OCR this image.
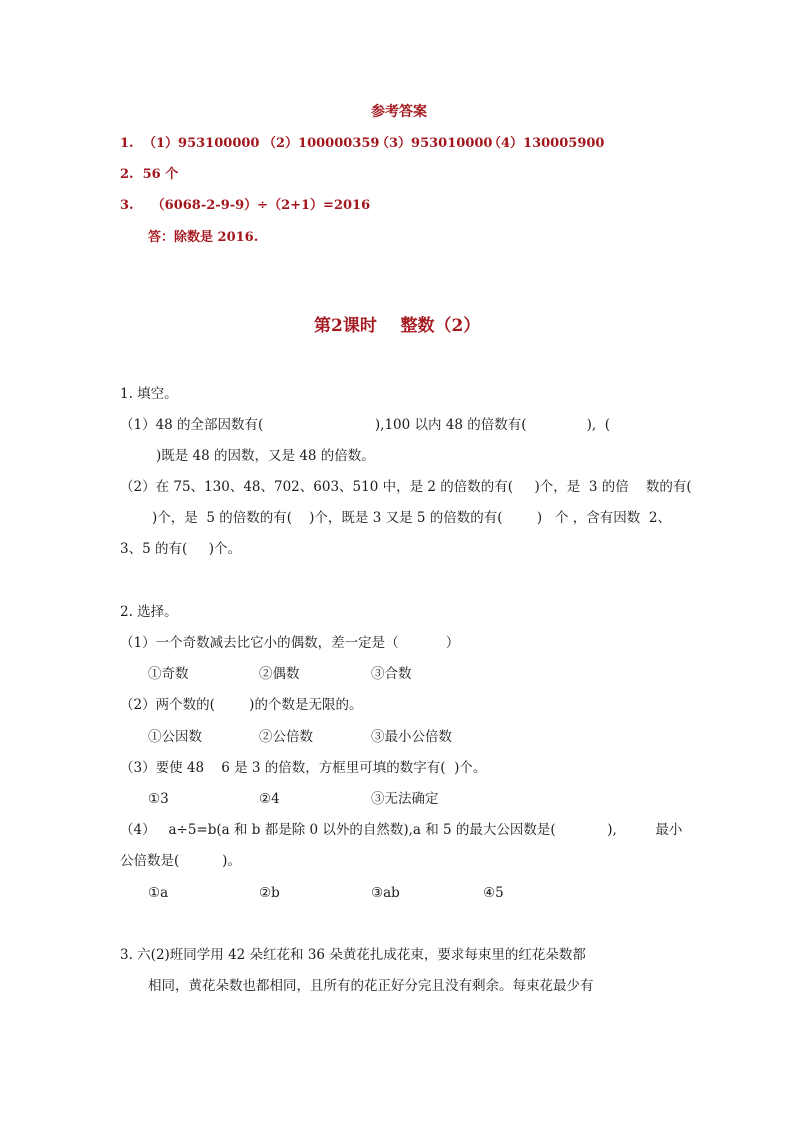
参考答案
1. （1）953100000 （2）100000359
（3）953010000
（4）130005900
2.  56 个
3.    （6068-2-9-9）÷（2+1）=2016
答：除数是 2016.
第2课时    整数（2）
1. 填空。
（1）48 的全部因数有(                          ),100 以内 48 的倍数有(              ),  (
)既是 48 的因数，又是 48 的倍数。
（2）在 75、130、48、702、603、510 中，是 2 的倍数的有(     )个，是  3 的倍    数的有(
)个，是  5 的倍数的有(    )个，既是 3 又是 5 的倍数的有(        )   个 ，含有因数  2、
3、5 的有(     )个。
2. 选择。
（1）一个奇数减去比它小的偶数，差一定是（           ）
①奇数	②偶数	③合数
（2）两个数的(        )的个数是无限的。
①公因数	②公倍数	③最小公倍数
（3）要使 48    6 是 3 的倍数，方框里可填的数字有(  )个。
①3	②4	③无法确定
（4）   a÷5=b(a 和 b 都是除 0 以外的自然数),a 和 5 的最大公因数是(            ),         最小
公倍数是(          )。
①a	②b	③ab	④5
3. 六(2)班同学用 42 朵红花和 36 朵黄花扎成花束，要求每束里的红花朵数都
相同，黄花朵数也都相同，且所有的花正好分完且没有剩余。每束花最少有
